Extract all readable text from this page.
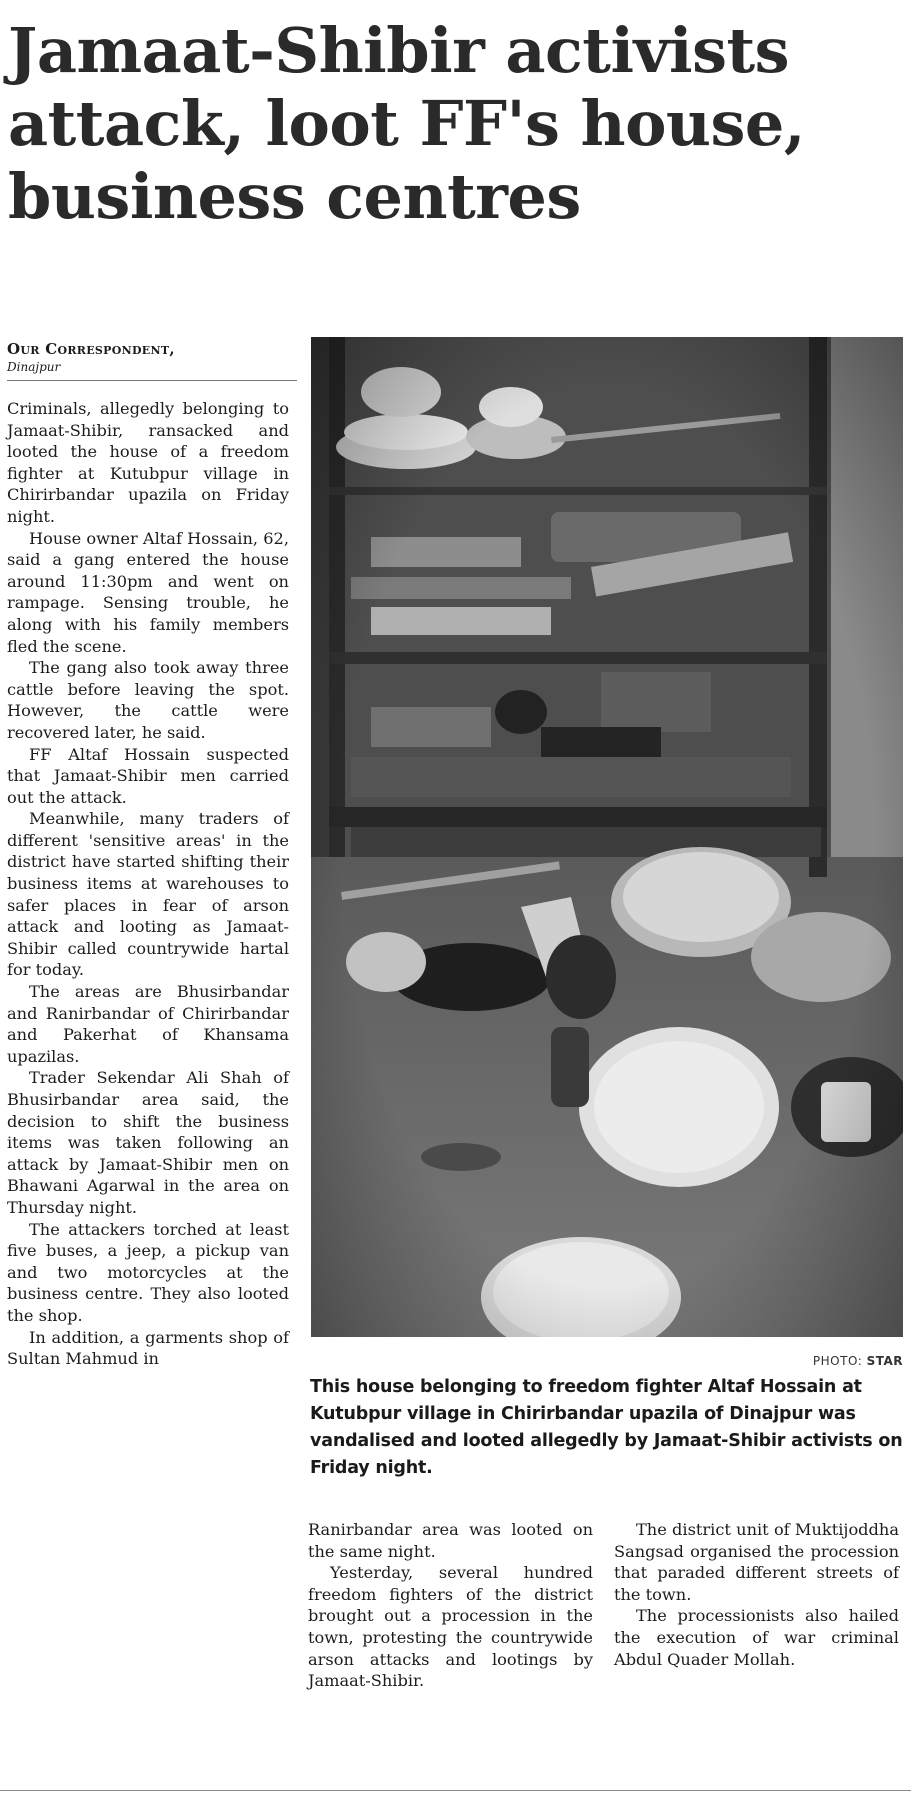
Jamaat-Shibir activists attack, loot FF's house, business centres
Our Correspondent,
Dinajpur

Criminals, allegedly belonging to Jamaat-Shibir, ransacked and looted the house of a freedom fighter at Kutubpur village in Chirirbandar upazila on Friday night.

House owner Altaf Hossain, 62, said a gang entered the house around 11:30pm and went on rampage. Sensing trouble, he along with his family members fled the scene.

The gang also took away three cattle before leaving the spot. However, the cattle were recovered later, he said.

FF Altaf Hossain suspected that Jamaat-Shibir men carried out the attack.

Meanwhile, many traders of different 'sensitive areas' in the district have started shifting their business items at warehouses to safer places in fear of arson attack and looting as Jamaat-Shibir called countrywide hartal for today.

The areas are Bhusirbandar and Ranirbandar of Chirirbandar and Pakerhat of Khansama upazilas.

Trader Sekendar Ali Shah of Bhusirbandar area said, the decision to shift the business items was taken following an attack by Jamaat-Shibir men on Bhawani Agarwal in the area on Thursday night.

The attackers torched at least five buses, a jeep, a pickup van and two motorcycles at the business centre. They also looted the shop.

In addition, a garments shop of Sultan Mahmud in	PHOTO: STAR
This house belonging to freedom fighter Altaf Hossain at Kutubpur village in Chirirbandar upazila of Dinajpur was vandalised and looted allegedly by Jamaat-Shibir activists on Friday night.

Ranirbandar area was looted on the same night.

Yesterday, several hundred freedom fighters of the district brought out a procession in the town, protesting the countrywide arson attacks and lootings by Jamaat-Shibir.

The district unit of Muktijoddha Sangsad organised the procession that paraded different streets of the town.

The processionists also hailed the execution of war criminal Abdul Quader Mollah.
